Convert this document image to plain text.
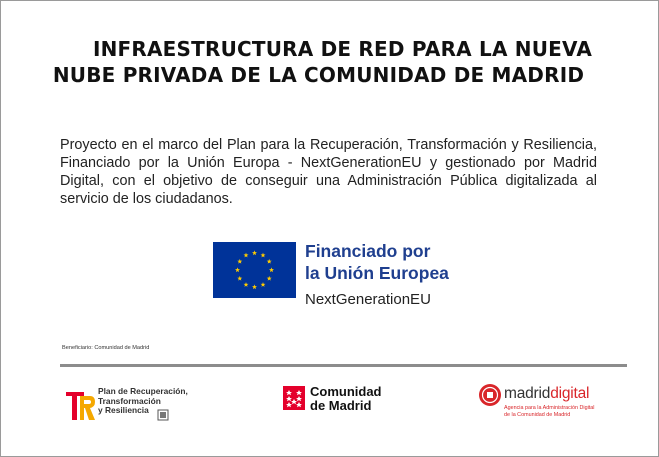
INFRAESTRUCTURA DE RED PARA LA NUEVA
NUBE PRIVADA DE LA COMUNIDAD DE MADRID
Proyecto en el marco del Plan para la Recuperación, Transformación y Resiliencia, Financiado por la Unión Europa - NextGenerationEU y gestionado por Madrid Digital, con el objetivo de conseguir una Administración Pública digitalizada al servicio de los ciudadanos.
Financiado por
la Unión Europea
NextGenerationEU
Beneficiario: Comunidad de Madrid
Plan de Recuperación,
Transformación
y Resiliencia
Comunidad
de Madrid
madriddigital
Agencia para la Administración Digital
de la Comunidad de Madrid
